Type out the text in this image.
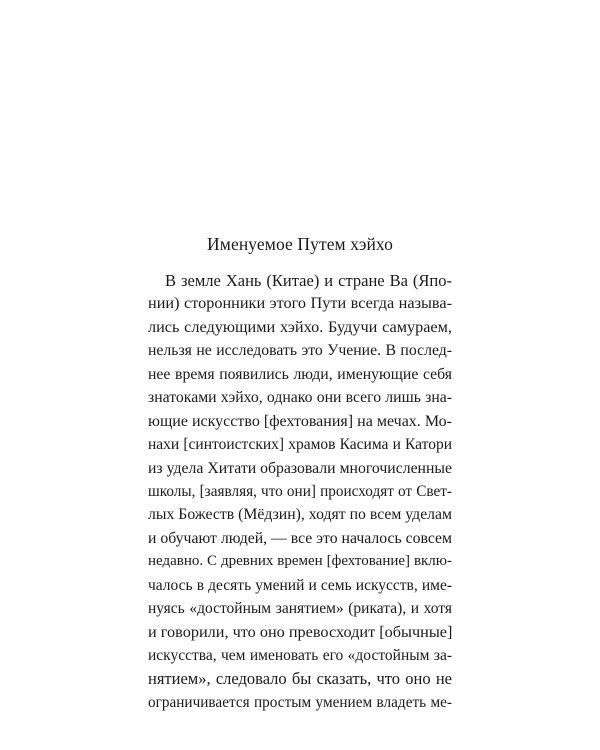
Именуемое Путем хэйхо
В земле Хань (Китае) и стране Ва (Япо-
нии) сторонники этого Пути всегда называ-
лись следующими хэйхо. Будучи самураем,
нельзя не исследовать это Учение. В послед-
нее время появились люди, именующие себя
знатоками хэйхо, однако они всего лишь зна-
ющие искусство [фехтования] на мечах. Мо-
нахи [синтоистских] храмов Касима и Катори
из удела Хитати образовали многочисленные
школы, [заявляя, что они] происходят от Свет-
лых Божеств (Мёдзин), ходят по всем уделам
и обучают людей, — все это началось совсем
недавно. С древних времен [фехтование] вклю-
чалось в десять умений и семь искусств, име-
нуясь «достойным занятием» (риката), и хотя
и говорили, что оно превосходит [обычные]
искусства, чем именовать его «достойным за-
нятием», следовало бы сказать, что оно не
ограничивается простым умением владеть ме-
